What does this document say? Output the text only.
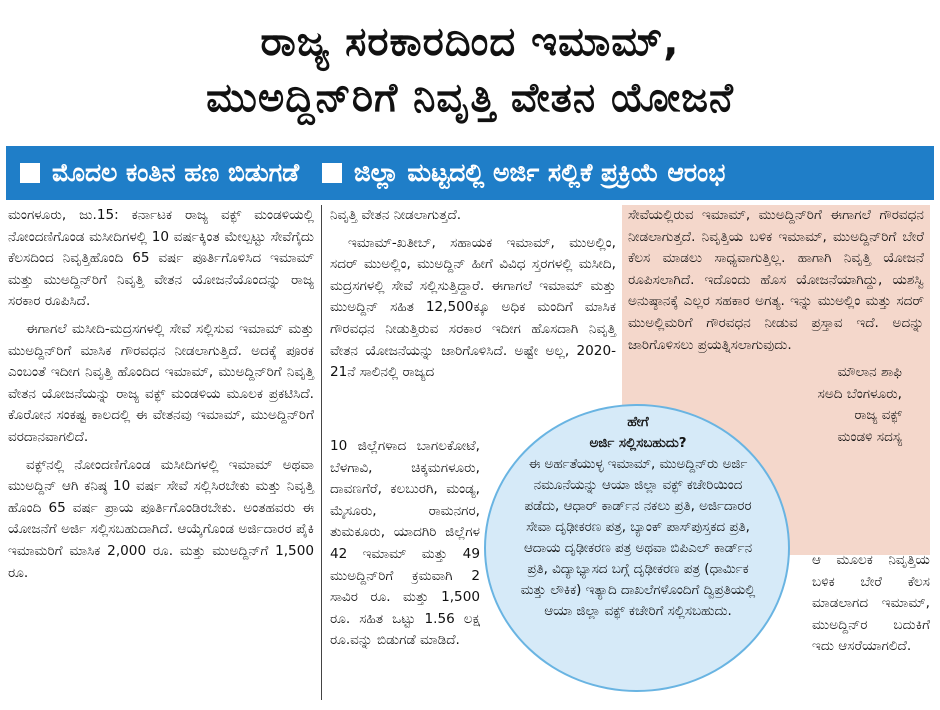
ರಾಜ್ಯ ಸರಕಾರದಿಂದ ಇಮಾಮ್,
ಮುಅದ್ದಿನ್‌ರಿಗೆ ನಿವೃತ್ತಿ ವೇತನ ಯೋಜನೆ
ಮೊದಲ ಕಂತಿನ ಹಣ ಬಿಡುಗಡೆ ಜಿಲ್ಲಾ ಮಟ್ಟದಲ್ಲಿ ಅರ್ಜಿ ಸಲ್ಲಿಕೆ ಪ್ರಕ್ರಿಯೆ ಆರಂಭ

ಮಂಗಳೂರು, ಜು.15: ಕರ್ನಾಟಕ ರಾಜ್ಯ ವಕ್ಫ್ ಮಂಡಳಿಯಲ್ಲಿ ನೋಂದಣಿಗೊಂಡ ಮಸೀದಿಗಳಲ್ಲಿ 10 ವರ್ಷಕ್ಕಿಂತ ಮೇಲ್ಪಟ್ಟು ಸೇವೆಗೈದು ಕೆಲಸದಿಂದ ನಿವೃತ್ತಿಹೊಂದಿ 65 ವರ್ಷ ಪೂರ್ತಿಗೊಳಿಸಿದ ಇಮಾಮ್ ಮತ್ತು ಮುಅದ್ದಿನ್‌ರಿಗೆ ನಿವೃತ್ತಿ ವೇತನ ಯೋಜನೆಯೊಂದನ್ನು ರಾಜ್ಯ ಸರಕಾರ ರೂಪಿಸಿದೆ.

ಈಗಾಗಲೆ ಮಸೀದಿ-ಮದ್ರಸಗಳಲ್ಲಿ ಸೇವೆ ಸಲ್ಲಿಸುವ ಇಮಾಮ್ ಮತ್ತು ಮುಅದ್ದಿನ್‌ರಿಗೆ ಮಾಸಿಕ ಗೌರವಧನ ನೀಡಲಾಗುತ್ತಿದೆ. ಅದಕ್ಕೆ ಪೂರಕ ಎಂಬಂತೆ ಇದೀಗ ನಿವೃತ್ತಿ ಹೊಂದಿದ ಇಮಾಮ್, ಮುಅದ್ದಿನ್‌ರಿಗೆ ನಿವೃತ್ತಿ ವೇತನ ಯೋಜನೆಯನ್ನು ರಾಜ್ಯ ವಕ್ಫ್ ಮಂಡಳಿಯ ಮೂಲಕ ಪ್ರಕಟಿಸಿದೆ. ಕೊರೋನ ಸಂಕಷ್ಟ ಕಾಲದಲ್ಲಿ ಈ ವೇತನವು ಇಮಾಮ್, ಮುಅದ್ದಿನ್‌ರಿಗೆ ವರದಾನವಾಗಲಿದೆ.

ವಕ್ಫ್‌ನಲ್ಲಿ ನೋಂದಣಿಗೊಂಡ ಮಸೀದಿಗಳಲ್ಲಿ ಇಮಾಮ್ ಅಥವಾ ಮುಅದ್ದಿನ್ ಆಗಿ ಕನಿಷ್ಠ 10 ವರ್ಷ ಸೇವೆ ಸಲ್ಲಿಸಿರಬೇಕು ಮತ್ತು ನಿವೃತ್ತಿ ಹೊಂದಿ 65 ವರ್ಷ ಪ್ರಾಯ ಪೂರ್ತಿಗೊಂಡಿರಬೇಕು. ಅಂತಹವರು ಈ ಯೋಜನೆಗೆ ಅರ್ಜಿ ಸಲ್ಲಿಸಬಹುದಾಗಿದೆ. ಆಯ್ಕೆಗೊಂಡ ಅರ್ಜಿದಾರರ ಪೈಕಿ ಇಮಾಮರಿಗೆ ಮಾಸಿಕ 2,000 ರೂ. ಮತ್ತು ಮುಅದ್ದಿನ್‌ಗೆ 1,500 ರೂ.

ನಿವೃತ್ತಿ ವೇತನ ನೀಡಲಾಗುತ್ತದೆ.

ಇಮಾಮ್-ಖತೀಬ್, ಸಹಾಯಕ ಇಮಾಮ್, ಮುಅಲ್ಲಿಂ, ಸದರ್ ಮುಅಲ್ಲಿಂ, ಮುಅದ್ದಿನ್ ಹೀಗೆ ವಿವಿಧ ಸ್ತರಗಳಲ್ಲಿ ಮಸೀದಿ, ಮದ್ರಸಗಳಲ್ಲಿ ಸೇವೆ ಸಲ್ಲಿಸುತ್ತಿದ್ದಾರೆ. ಈಗಾಗಲೆ ಇಮಾಮ್ ಮತ್ತು ಮುಅದ್ದಿನ್ ಸಹಿತ 12,500ಕ್ಕೂ ಅಧಿಕ ಮಂದಿಗೆ ಮಾಸಿಕ ಗೌರವಧನ ನೀಡುತ್ತಿರುವ ಸರಕಾರ ಇದೀಗ ಹೊಸದಾಗಿ ನಿವೃತ್ತಿ ವೇತನ ಯೋಜನೆಯನ್ನು ಜಾರಿಗೊಳಿಸಿದೆ. ಅಷ್ಟೇ ಅಲ್ಲ, 2020-21ನೆ ಸಾಲಿನಲ್ಲಿ ರಾಜ್ಯದ

10 ಜಿಲ್ಲೆಗಳಾದ ಬಾಗಲಕೋಟೆ, ಬೆಳಗಾವಿ, ಚಿಕ್ಕಮಗಳೂರು, ದಾವಣಗೆರೆ, ಕಲಬುರಗಿ, ಮಂಡ್ಯ, ಮೈಸೂರು, ರಾಮನಗರ, ತುಮಕೂರು, ಯಾದಗಿರಿ ಜಿಲ್ಲೆಗಳ 42 ಇಮಾಮ್ ಮತ್ತು 49 ಮುಅದ್ದಿನ್‌ರಿಗೆ ಕ್ರಮವಾಗಿ 2 ಸಾವಿರ ರೂ. ಮತ್ತು 1,500 ರೂ. ಸಹಿತ ಒಟ್ಟು 1.56 ಲಕ್ಷ ರೂ.ವನ್ನು ಬಿಡುಗಡೆ ಮಾಡಿದೆ.

ಸೇವೆಯಲ್ಲಿರುವ ಇಮಾಮ್, ಮುಅದ್ದಿನ್‌ರಿಗೆ ಈಗಾಗಲೆ ಗೌರವಧನ ನೀಡಲಾಗುತ್ತದೆ. ನಿವೃತ್ತಿಯ ಬಳಿಕ ಇಮಾಮ್, ಮುಅದ್ದಿನ್‌ರಿಗೆ ಬೇರೆ ಕೆಲಸ ಮಾಡಲು ಸಾಧ್ಯವಾಗುತ್ತಿಲ್ಲ. ಹಾಗಾಗಿ ನಿವೃತ್ತಿ ಯೋಜನೆ ರೂಪಿಸಲಾಗಿದೆ. ಇದೊಂದು ಹೊಸ ಯೋಜನೆಯಾಗಿದ್ದು, ಯಶಸ್ವಿ ಅನುಷ್ಠಾನಕ್ಕೆ ಎಲ್ಲರ ಸಹಕಾರ ಅಗತ್ಯ. ಇನ್ನು ಮುಅಲ್ಲಿಂ ಮತ್ತು ಸದರ್ ಮುಅಲ್ಲಿಮರಿಗೆ ಗೌರವಧನ ನೀಡುವ ಪ್ರಸ್ತಾವ ಇದೆ. ಅದನ್ನು ಜಾರಿಗೊಳಿಸಲು ಪ್ರಯತ್ನಿಸಲಾಗುವುದು.

ಮೌಲಾನ ಶಾಫಿ

ಸಅದಿ ಬೆಂಗಳೂರು,

ರಾಜ್ಯ ವಕ್ಫ್

ಮಂಡಳಿ ಸದಸ್ಯ

ಆ ಮೂಲಕ ನಿವೃತ್ತಿಯ ಬಳಿಕ ಬೇರೆ ಕೆಲಸ ಮಾಡಲಾಗದ ಇಮಾಮ್, ಮುಅದ್ದಿನ್‌ರ ಬದುಕಿಗೆ ಇದು ಆಸರೆಯಾಗಲಿದೆ.

ಹೇಗೆ

ಅರ್ಜಿ ಸಲ್ಲಿಸಬಹುದು?

ಈ ಅರ್ಹತೆಯುಳ್ಳ ಇಮಾಮ್, ಮುಅದ್ದಿನ್‌ರು ಅರ್ಜಿ ನಮೂನೆಯನ್ನು ಆಯಾ ಜಿಲ್ಲಾ ವಕ್ಫ್ ಕಚೇರಿಯಿಂದ ಪಡೆದು, ಆಧಾರ್ ಕಾರ್ಡ್‌ನ ನಕಲು ಪ್ರತಿ, ಅರ್ಜಿದಾರರ ಸೇವಾ ದೃಢೀಕರಣ ಪತ್ರ, ಬ್ಯಾಂಕ್ ಪಾಸ್‌ಪುಸ್ತಕದ ಪ್ರತಿ, ಆದಾಯ ದೃಢೀಕರಣ ಪತ್ರ ಅಥವಾ ಬಿಪಿಎಲ್ ಕಾರ್ಡ್‌ನ ಪ್ರತಿ, ವಿದ್ಯಾಭ್ಯಾಸದ ಬಗ್ಗೆ ದೃಢೀಕರಣ ಪತ್ರ (ಧಾರ್ಮಿಕ ಮತ್ತು ಲೌಕಿಕ) ಇತ್ಯಾದಿ ದಾಖಲೆಗಳೊಂದಿಗೆ ದ್ವಿಪ್ರತಿಯಲ್ಲಿ ಆಯಾ ಜಿಲ್ಲಾ ವಕ್ಫ್ ಕಚೇರಿಗೆ ಸಲ್ಲಿಸಬಹುದು.
